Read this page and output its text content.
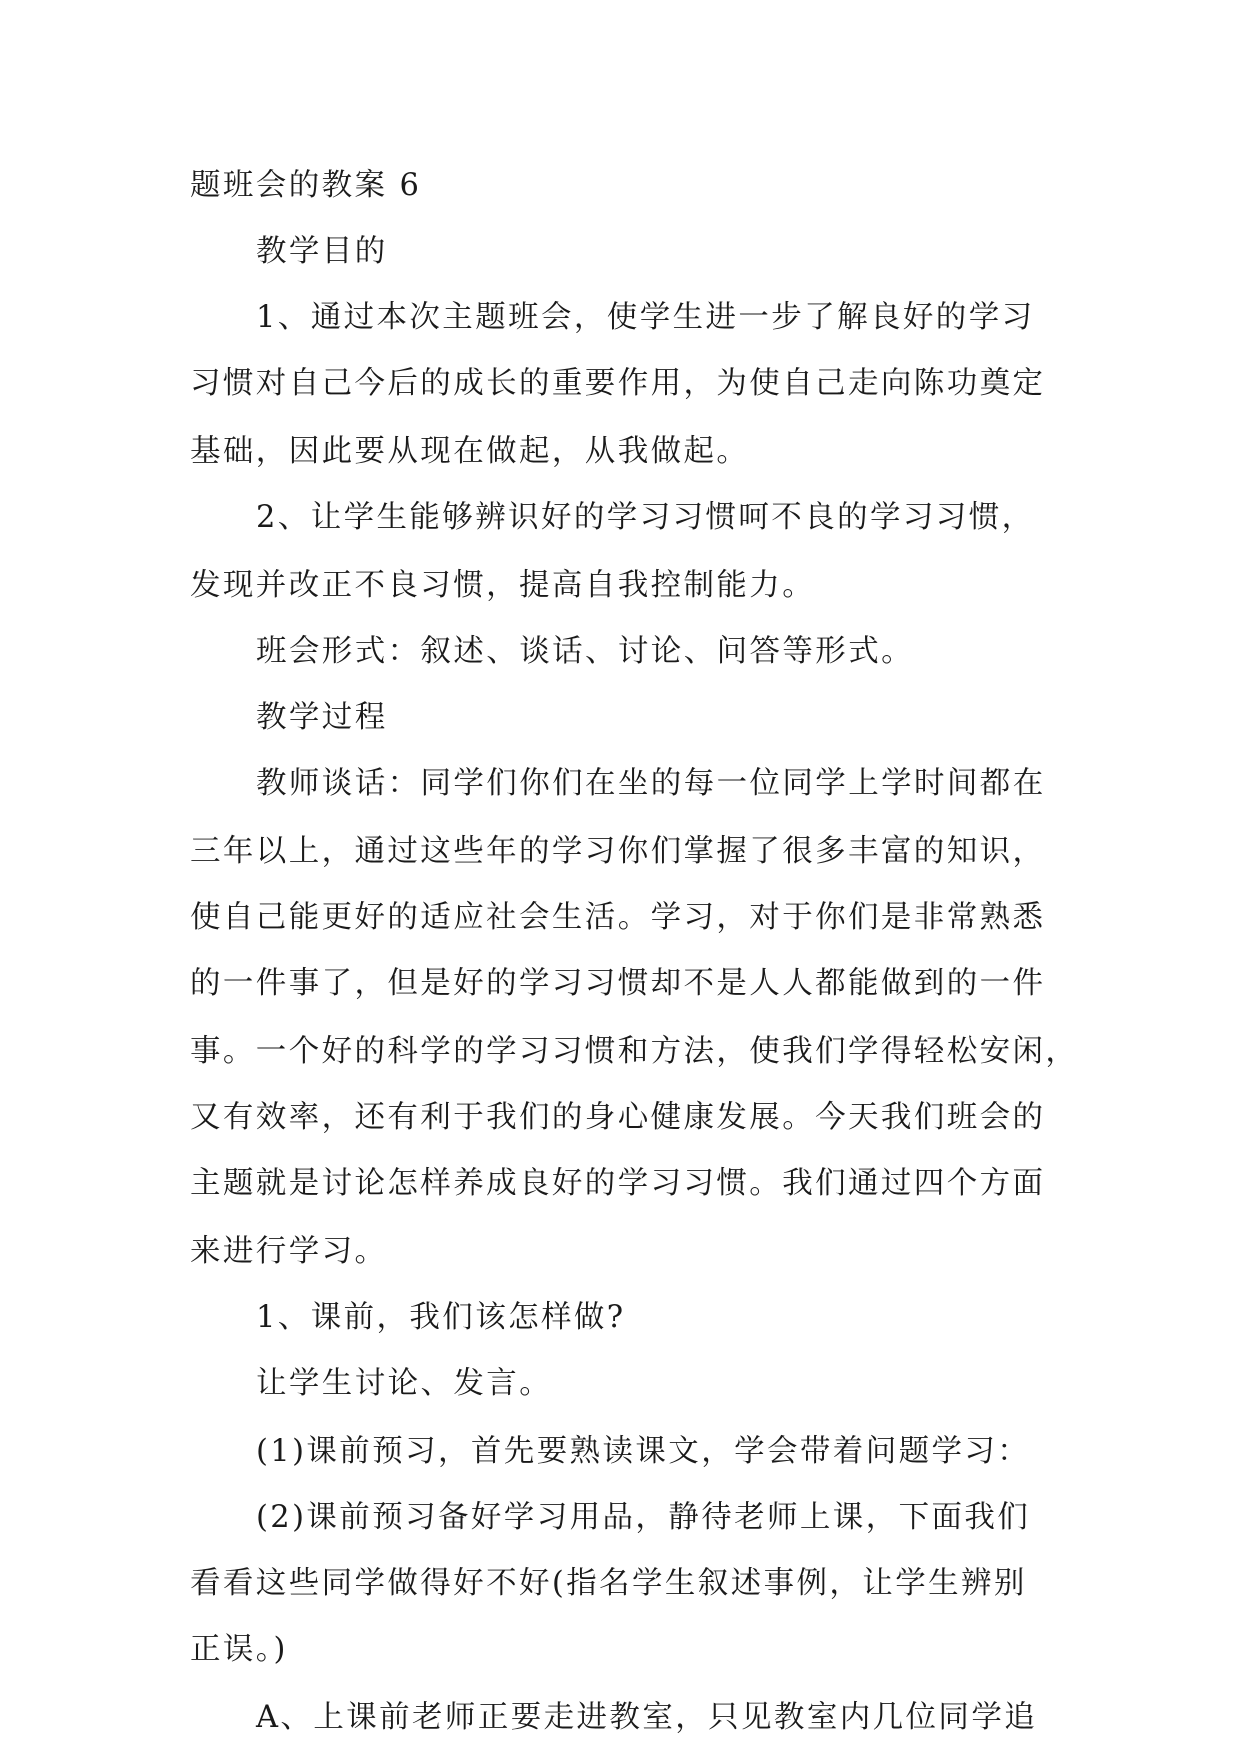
题班会的教案 6
教学目的
1、通过本次主题班会，使学生进一步了解良好的学习
习惯对自己今后的成长的重要作用，为使自己走向陈功奠定
基础，因此要从现在做起，从我做起。
2、让学生能够辨识好的学习习惯呵不良的学习习惯，
发现并改正不良习惯，提高自我控制能力。
班会形式：叙述、谈话、讨论、问答等形式。
教学过程
教师谈话：同学们你们在坐的每一位同学上学时间都在
三年以上，通过这些年的学习你们掌握了很多丰富的知识，
使自己能更好的适应社会生活。学习，对于你们是非常熟悉
的一件事了，但是好的学习习惯却不是人人都能做到的一件
事。一个好的科学的学习习惯和方法，使我们学得轻松安闲，
又有效率，还有利于我们的身心健康发展。今天我们班会的
主题就是讨论怎样养成良好的学习习惯。我们通过四个方面
来进行学习。
1、课前，我们该怎样做?
让学生讨论、发言。
(1)课前预习，首先要熟读课文，学会带着问题学习：
(2)课前预习备好学习用品，静待老师上课，下面我们
看看这些同学做得好不好(指名学生叙述事例，让学生辨别
正误。)
A、上课前老师正要走进教室，只见教室内几位同学追
